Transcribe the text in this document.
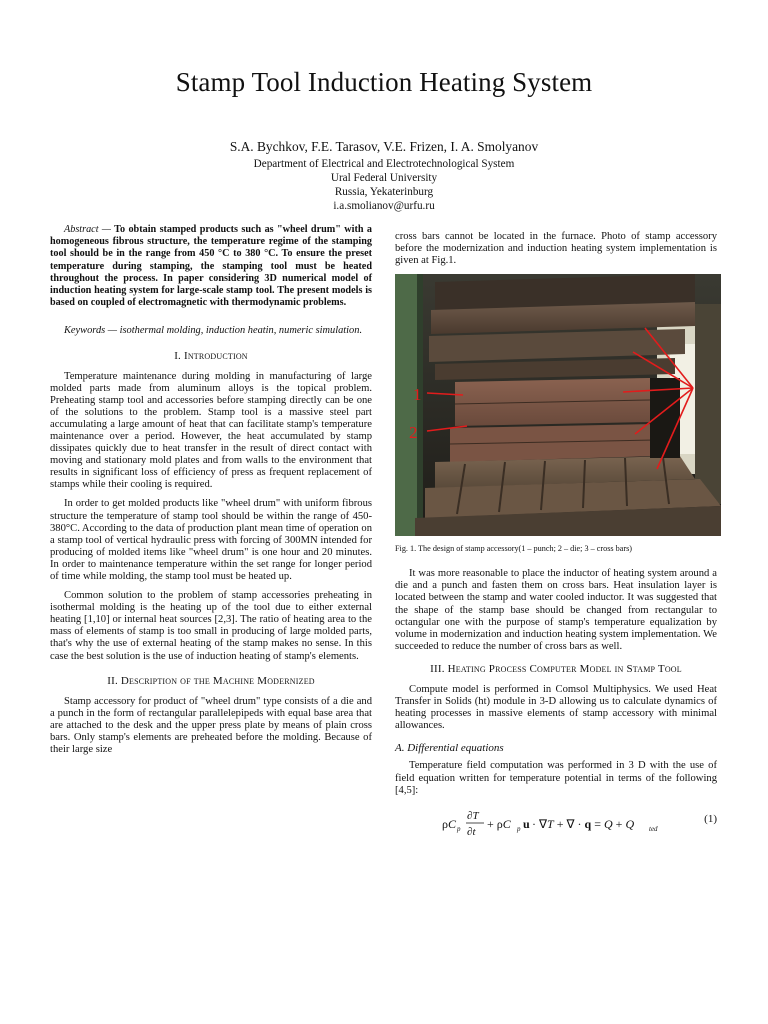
Stamp Tool Induction Heating System
S.A. Bychkov, F.E. Tarasov, V.E. Frizen, I. A. Smolyanov
Department of Electrical and Electrotechnological System
Ural Federal University
Russia, Yekaterinburg
i.a.smolianov@urfu.ru

Abstract — To obtain stamped products such as "wheel drum" with a homogeneous fibrous structure, the temperature regime of the stamping tool should be in the range from 450 °C to 380 °C. To ensure the preset temperature during stamping, the stamping tool must be heated throughout the process. In paper considering 3D numerical model of induction heating system for large-scale stamp tool. The present models is based on coupled of electromagnetic with thermodynamic problems.

Keywords — isothermal molding, induction heatin, numeric simulation.

I. Introduction

Temperature maintenance during molding in manufacturing of large molded parts made from aluminum alloys is the topical problem. Preheating stamp tool and accessories before stamping directly can be one of the solutions to the problem. Stamp tool is a massive steel part accumulating a large amount of heat that can facilitate stamp's temperature maintenance over a period. However, the heat accumulated by stamp dissipates quickly due to heat transfer in the result of direct contact with moving and stationary mold plates and from walls to the environment that results in significant loss of efficiency of press as frequent replacement of stamps while their cooling is required.

In order to get molded products like "wheel drum" with uniform fibrous structure the temperature of stamp tool should be within the range of 450-380°C. According to the data of production plant mean time of operation on a stamp tool of vertical hydraulic press with forcing of 300MN intended for producing of molded items like "wheel drum" is one hour and 20 minutes. In order to maintenance temperature within the set range for longer period of time while molding, the stamp tool must be heated up.

Common solution to the problem of stamp accessories preheating in isothermal molding is the heating up of the tool due to either external heating [1,10] or internal heat sources [2,3]. The ratio of heating area to the mass of elements of stamp is too small in producing of large molded parts, that's why the use of external heating of the stamp makes no sense. In this case the best solution is the use of induction heating of stamp's elements.

II. Description of the Machine Modernized

Stamp accessory for product of "wheel drum" type consists of a die and a punch in the form of rectangular parallelepipeds with equal base area that are attached to the desk and the upper press plate by means of plain cross bars. Only stamp's elements are preheated before the molding. Because of their large size

cross bars cannot be located in the furnace. Photo of stamp accessory before the modernization and induction heating system implementation is given at Fig.1.

1
2
Fig. 1. The design of stamp accessory(1 – punch; 2 – die; 3 – cross bars)

It was more reasonable to place the inductor of heating system around a die and a punch and fasten them on cross bars. Heat insulation layer is located between the stamp and water cooled inductor. It was suggested that the shape of the stamp base should be changed from rectangular to octangular one with the purpose of stamp's temperature equalization by volume in modernization and induction heating system implementation. We succeeded to reduce the number of cross bars as well.

III. Heating Process Computer Model in Stamp Tool

Compute model is performed in Comsol Multiphysics. We used Heat Transfer in Solids (ht) module in 3-D allowing us to calculate dynamics of heating processes in massive elements of stamp accessory with minimal allowances.

A. Differential equations

Temperature field computation was performed in 3 D with the use of field equation written for temperature potential in terms of the following [4,5]:

ρC p
∂T
∂t
+ ρC p u · ∇T + ∇ · q = Q + Q ted
(1)
